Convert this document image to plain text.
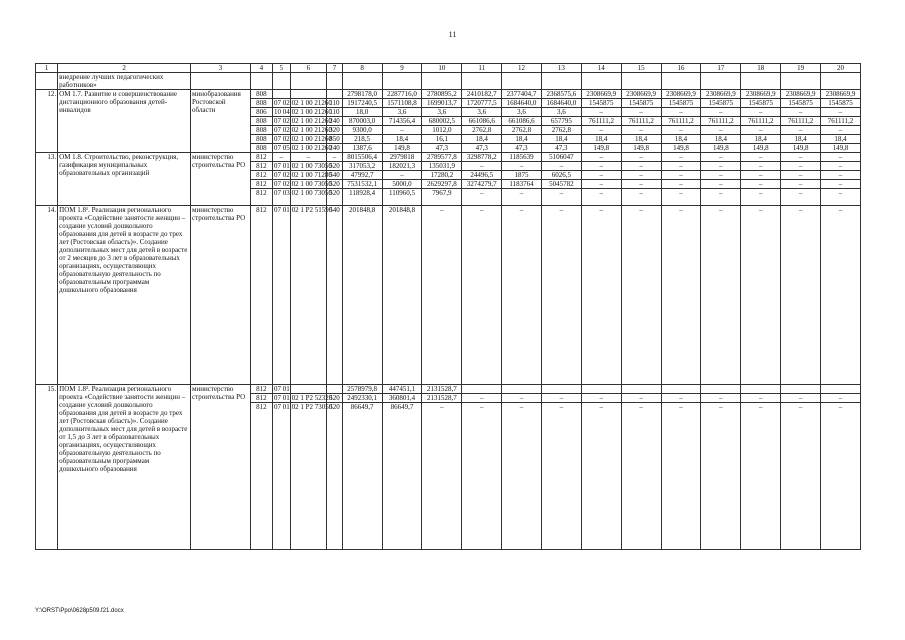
11
1	2	3	4	5	6	7	8	9	10	11	12	13	14	15	16	17	18	19	20
	внедрение лучших педагогических работников»																		
12.	ОМ 1.7. Развитие и совершенствование дистанционного образования детей-инвалидов	минобразования Ростовской области	808				2798178,0	2287716,0	2780895,2	2410182,7	2377404,7	2368575,6	2308669,9	2308669,9	2308669,9	2308669,9	2308669,9	2308669,9	2308669,9
			808	07 02	02 1 00 21260	110	1917240,5	1571108,8	1699013,7	1720777,5	1684640,0	1684640,0	1545875	1545875	1545875	1545875	1545875	1545875	1545875
			806	10 04	02 1 00 21260	110	18,0	3,6	3,6	3,6	3,6	3,6	–	–	–	–	–	–	–
			808	07 02	02 1 00 21260	240	870003,0	714356,4	680002,5	661086,6	661086,6	657795	761111,2	761111,2	761111,2	761111,2	761111,2	761111,2	761111,2
			808	07 02	02 1 00 21260	320	9300,0	–	1012,0	2762,8	2762,8	2762,8	–	–	–	–	–	–	–
			808	07 02	02 1 00 21260	850	218,5	18,4	16,1	18,4	18,4	18,4	18,4	18,4	18,4	18,4	18,4	18,4	18,4
			808	07 05	02 1 00 21260	240	1387,6	149,8	47,3	47,3	47,3	47,3	149,8	149,8	149,8	149,8	149,8	149,8	149,8
13.	ОМ 1.8. Строительство, реконструкция, газификация муниципальных образовательных организаций	министерство строительства РО	812	–	–	–	8015506,4	2979818	2789577,8	3298778,2	1185639	5106047	–	–	–	–	–	–	–
			812	07 01	02 1 00 73050	520	317053,2	182021,3	135031,9	–	–	–	–	–	–	–	–	–	–
			812	07 02	02 1 00 71280	540	47992,7	–	17280,2	24496,5	1875	6026,5	–	–	–	–	–	–	–
			812	07 02	02 1 00 73050	520	7531532,1	5000,0	2629297,8	3274279,7	1183764	5045782	–	–	–	–	–	–	–
			812	07 03	02 1 00 73050	520	118928,4	110960,5	7967,9	–	–	–	–	–	–	–	–	–	–
14.	ПОМ 1.8¹. Реализация регионального проекта «Содействие занятости женщин – создание условий дошкольного образования для детей в возрасте до трех лет (Ростовская область)». Создание дополнительных мест для детей в возрасте от 2 месяцев до 3 лет в образовательных организациях, осуществляющих образовательную деятельность по образовательным программам дошкольного образования	министерство строительства РО	812	07 01	02 1 P2 51590	540	201848,8	201848,8	–	–	–	–	–	–	–	–	–	–	–
15.	ПОМ 1.8². Реализация регионального проекта «Содействие занятости женщин – создание условий дошкольного образования для детей в возрасте до трех лет (Ростовская область)». Создание дополнительных мест для детей в возрасте от 1,5 до 3 лет в образовательных организациях, осуществляющих образовательную деятельность по образовательным программам дошкольного образования	министерство строительства РО	812	07 01			2578979,8	447451,1	2131528,7										
			812	07 01	02 1 P2 52320	520	2492330,1	360801,4	2131528,7	–	–	–	–	–	–	–	–	–	–
			812	07 01	02 1 P2 73050	520	86649,7	86649,7	–	–	–	–	–	–	–	–	–	–	–
Y:\ORST\Ppo\0628p509.f21.docx
